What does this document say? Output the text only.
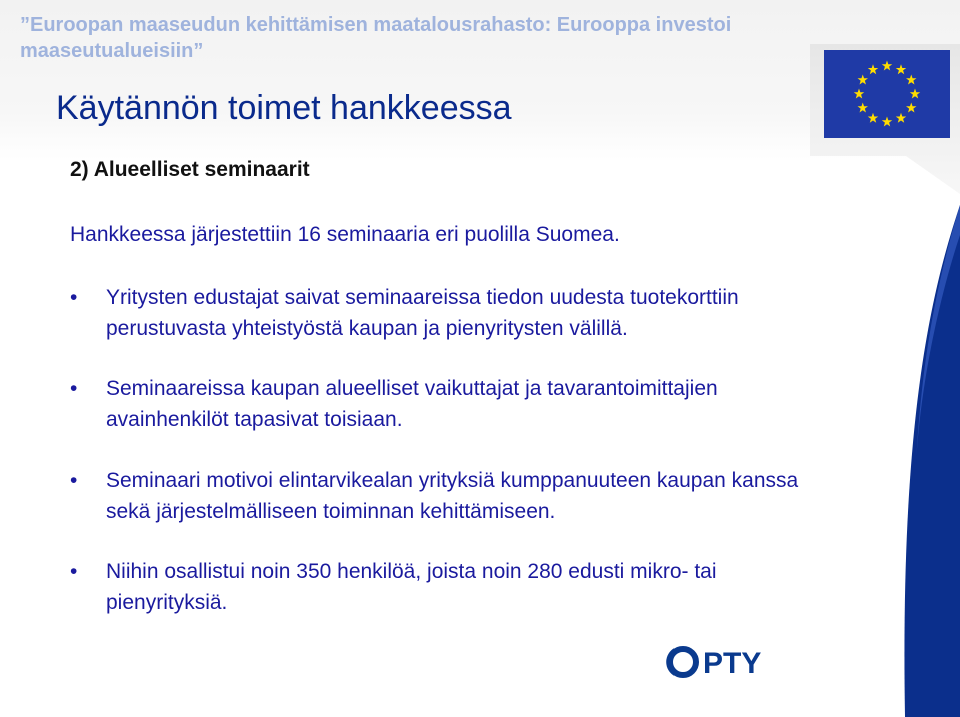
”Euroopan maaseudun kehittämisen maatalousrahasto: Eurooppa investoi maaseutualueisiin”
Käytännön toimet hankkeessa
2) Alueelliset seminaarit
Hankkeessa järjestettiin 16 seminaaria eri puolilla Suomea.
• Yritysten edustajat saivat seminaareissa tiedon uudesta tuotekorttiin perustuvasta yhteistyöstä kaupan ja pienyritysten välillä.
• Seminaareissa kaupan alueelliset vaikuttajat ja tavarantoimittajien avainhenkilöt tapasivat toisiaan.
• Seminaari motivoi elintarvikealan yrityksiä kumppanuuteen kaupan kanssa sekä järjestelmälliseen toiminnan kehittämiseen.
• Niihin osallistui noin 350 henkilöä, joista noin 280 edusti mikro- tai pienyrityksiä.
PTY
